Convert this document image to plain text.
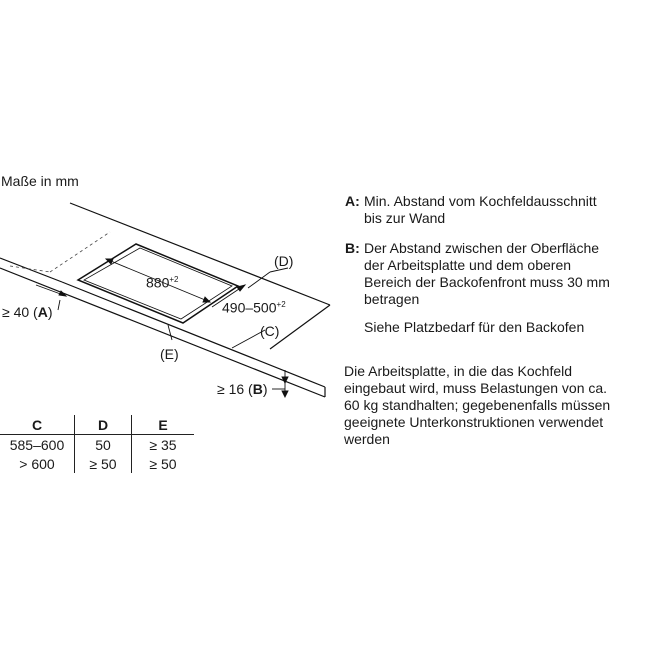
Maße in mm
$880^{+2}$
$490-500^{+2}$
(D)
(C)
(E)
≥ 40 (A)
≥ 16 (B)
A: Min. Abstand vom Kochfeldausschnitt
bis zur Wand
B: Der Abstand zwischen der Oberfläche
der Arbeitsplatte und dem oberen
Bereich der Backofenfront muss 30 mm
betragen
Siehe Platzbedarf für den Backofen
Die Arbeitsplatte, in die das Kochfeld
eingebaut wird, muss Belastungen von ca.
60 kg standhalten; gegebenenfalls müssen
geeignete Unterkonstruktionen verwendet
werden
C	D	E
585–600	50	≥ 35
> 600	≥ 50	≥ 50
